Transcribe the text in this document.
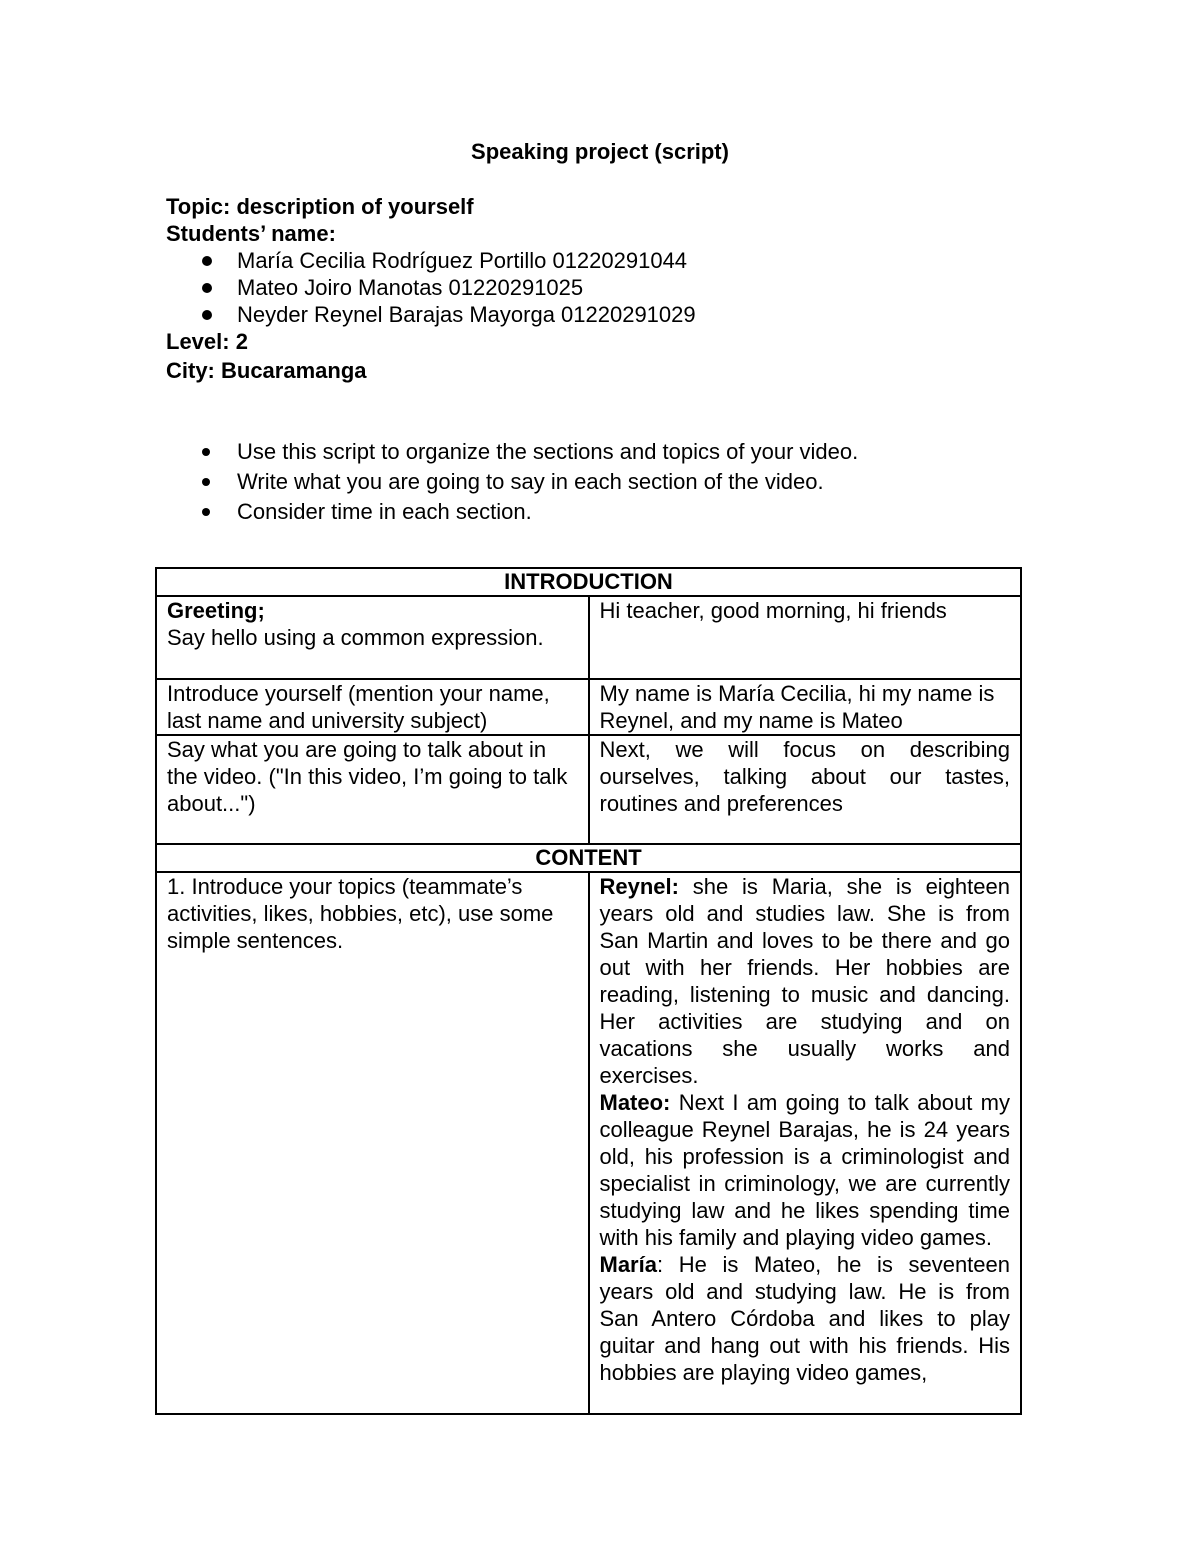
Speaking project (script)
Topic: description of yourself
Students’ name:
María Cecilia Rodríguez Portillo 01220291044
Mateo Joiro Manotas 01220291025
Neyder Reynel Barajas Mayorga 01220291029
Level: 2
City: Bucaramanga
Use this script to organize the sections and topics of your video.
Write what you are going to say in each section of the video.
Consider time in each section.
INTRODUCTION	

Greeting;
Say hello using a common expression.	Hi teacher, good morning, hi friends
Introduce yourself (mention your name, last name and university subject)	My name is María Cecilia, hi my name is Reynel, and my name is Mateo
Say what you are going to talk about in the video. ("In this video, I’m going to talk about...")	Next, we will focus on describing ourselves, talking about our tastes, routines and preferences
CONTENT	
1. Introduce your topics (teammate’s activities, likes, hobbies, etc), use some simple sentences.	Reynel: she is Maria, she is eighteen years old and studies law. She is from San Martin and loves to be there and go out with her friends. Her hobbies are reading, listening to music and dancing. Her activities are studying and on vacations she usually works and exercises.
Mateo: Next I am going to talk about my colleague Reynel Barajas, he is 24 years old, his profession is a criminologist and specialist in criminology, we are currently studying law and he likes spending time with his family and playing video games.
María: He is Mateo, he is seventeen years old and studying law. He is from San Antero Córdoba and likes to play guitar and hang out with his friends. His hobbies are playing video games,
